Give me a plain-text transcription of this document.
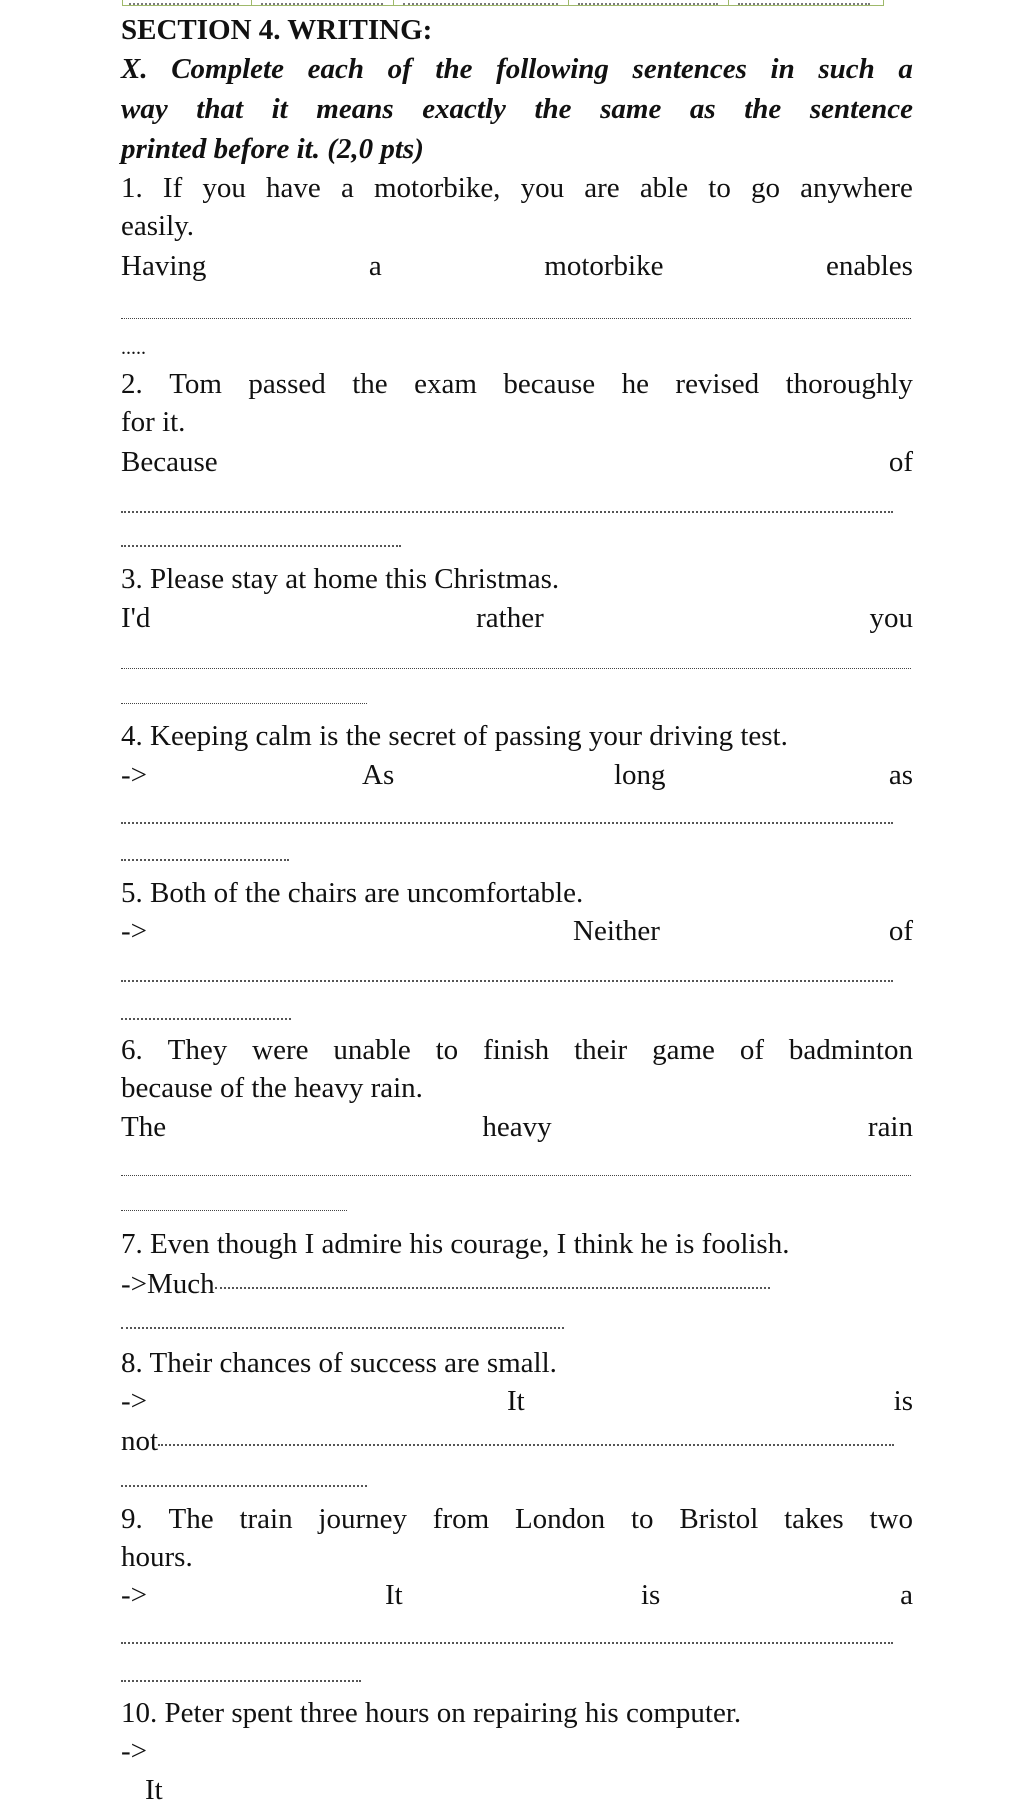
SECTION 4. WRITING:
X. Complete each of the following sentences in such a
way that it means exactly the same as the sentence
printed before it. (2,0 pts)
1. If you have a motorbike, you are able to go anywhere
easily.
Having	a	motorbike	enables
.....
2. Tom passed the exam because he revised thoroughly
for it.
Because	of
3. Please stay at home this Christmas.
I'd	rather	you
4. Keeping calm is the secret of passing your driving test.
->	As	long	as
5. Both of the chairs are uncomfortable.
->	Neither	of
6. They were unable to finish their game of badminton
because of the heavy rain.
The	heavy	rain
7. Even though I admire his courage, I think he is foolish.
->Much
8. Their chances of success are small.
->	It	is
not
9. The train journey from London to Bristol takes two
hours.
->	It	is	a
10. Peter spent three hours on repairing his computer.
->
It
